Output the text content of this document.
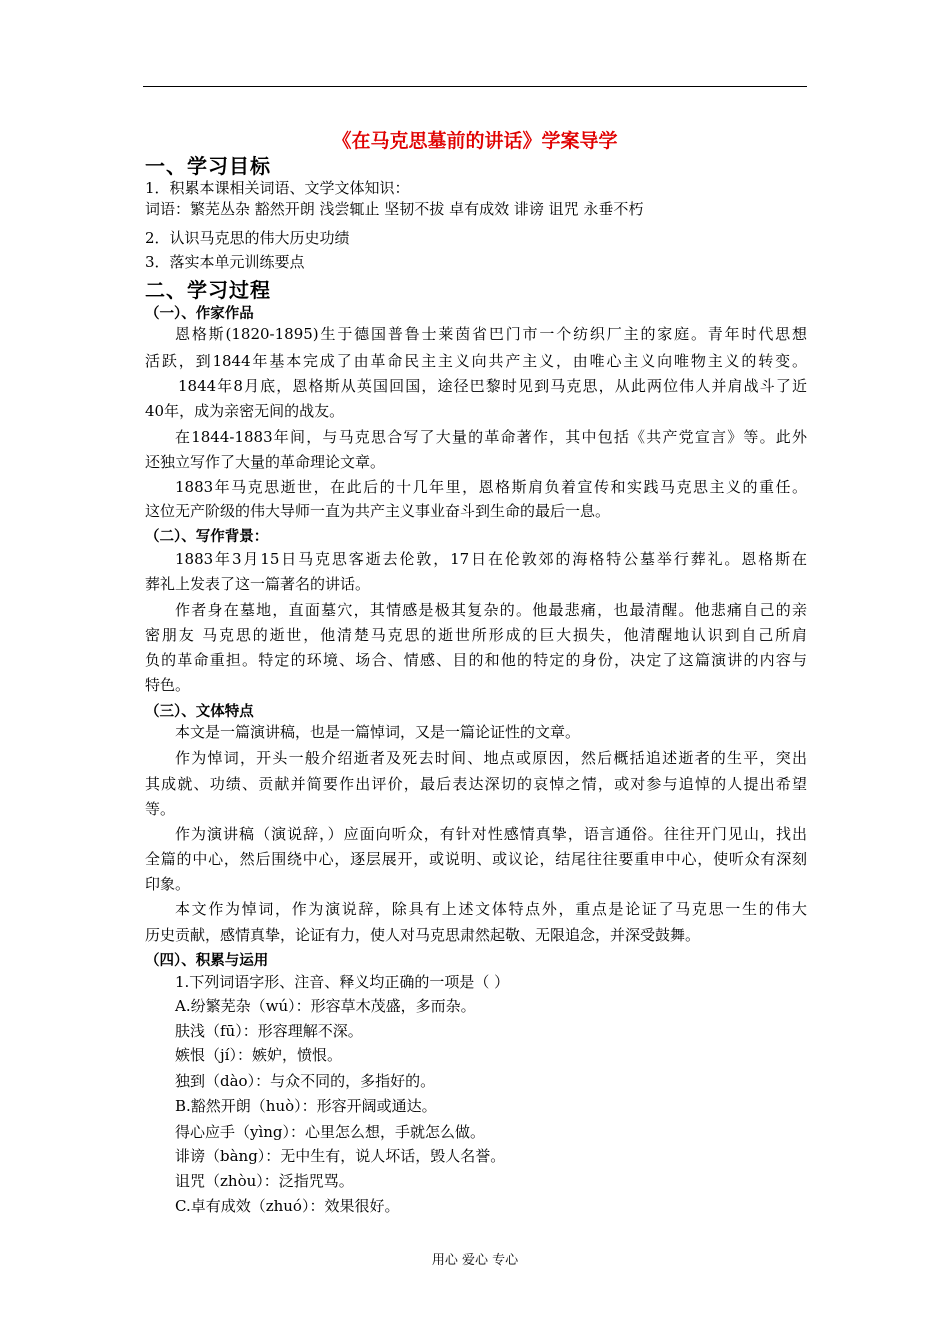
《在马克思墓前的讲话》学案导学
一、学习目标
1．积累本课相关词语、文学文体知识：
词语：繁芜丛杂 豁然开朗 浅尝辄止 坚韧不拔 卓有成效 诽谤 诅咒 永垂不朽
2．认识马克思的伟大历史功绩
3．落实本单元训练要点
二、学习过程
（一）、作家作品
恩格斯(1820-1895)生于德国普鲁士莱茵省巴门市一个纺织厂主的家庭。青年时代思想
活跃，到1844年基本完成了由革命民主主义向共产主义，由唯心主义向唯物主义的转变。
1844年8月底，恩格斯从英国回国，途径巴黎时见到马克思，从此两位伟人并肩战斗了近
40年，成为亲密无间的战友。
在1844-1883年间，与马克思合写了大量的革命著作，其中包括《共产党宣言》等。此外
还独立写作了大量的革命理论文章。
1883年马克思逝世，在此后的十几年里，恩格斯肩负着宣传和实践马克思主义的重任。
这位无产阶级的伟大导师一直为共产主义事业奋斗到生命的最后一息。
（二）、写作背景：
1883年3月15日马克思客逝去伦敦，17日在伦敦郊的海格特公墓举行葬礼。恩格斯在
葬礼上发表了这一篇著名的讲话。
作者身在墓地，直面墓穴，其情感是极其复杂的。他最悲痛，也最清醒。他悲痛自己的亲
密朋友 马克思的逝世，他清楚马克思的逝世所形成的巨大损失，他清醒地认识到自己所肩
负的革命重担。特定的环境、场合、情感、目的和他的特定的身份，决定了这篇演讲的内容与
特色。
（三）、文体特点
本文是一篇演讲稿，也是一篇悼词，又是一篇论证性的文章。
作为悼词，开头一般介绍逝者及死去时间、地点或原因，然后概括追述逝者的生平，突出
其成就、功绩、贡献并简要作出评价，最后表达深切的哀悼之情，或对参与追悼的人提出希望
等。
作为演讲稿（演说辞，）应面向听众，有针对性感情真挚，语言通俗。往往开门见山，找出
全篇的中心，然后围绕中心，逐层展开，或说明、或议论，结尾往往要重申中心，使听众有深刻
印象。
本文作为悼词，作为演说辞，除具有上述文体特点外，重点是论证了马克思一生的伟大
历史贡献，感情真挚，论证有力，使人对马克思肃然起敬、无限追念，并深受鼓舞。
（四）、积累与运用
1.下列词语字形、注音、释义均正确的一项是（ ）
A.纷繁芜杂（wú）：形容草木茂盛，多而杂。
肤浅（fū）：形容理解不深。
嫉恨（jí）：嫉妒，愤恨。
独到（dào）：与众不同的，多指好的。
B.豁然开朗（huò）：形容开阔或通达。
得心应手（yìng）：心里怎么想，手就怎么做。
诽谤（bàng）：无中生有，说人坏话，毁人名誉。
诅咒（zhòu）：泛指咒骂。
C.卓有成效（zhuó）：效果很好。
用心 爱心 专心
